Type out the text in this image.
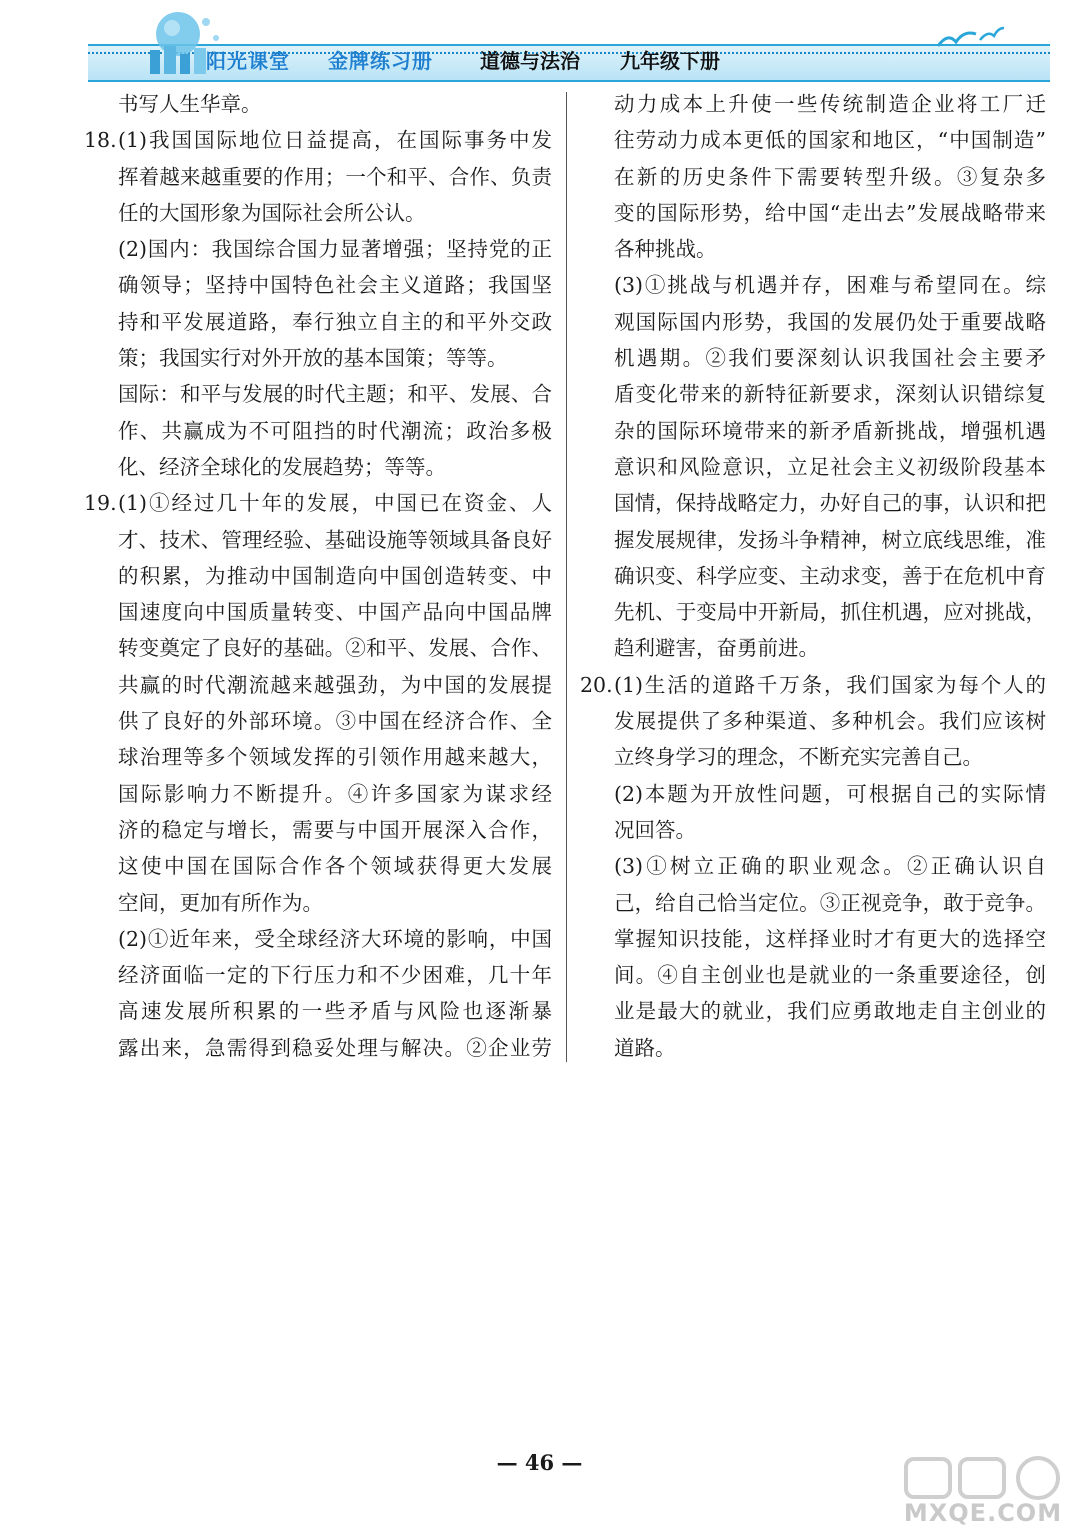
阳光课堂 金牌练习册 道德与法治 九年级下册
18.
19.

书写人生华章。

(1)我国国际地位日益提高，在国际事务中发

挥着越来越重要的作用；一个和平、合作、负责

任的大国形象为国际社会所公认。

(2)国内：我国综合国力显著增强；坚持党的正

确领导；坚持中国特色社会主义道路；我国坚

持和平发展道路，奉行独立自主的和平外交政

策；我国实行对外开放的基本国策；等等。

国际：和平与发展的时代主题；和平、发展、合

作、共赢成为不可阻挡的时代潮流；政治多极

化、经济全球化的发展趋势；等等。

(1)①经过几十年的发展，中国已在资金、人

才、技术、管理经验、基础设施等领域具备良好

的积累，为推动中国制造向中国创造转变、中

国速度向中国质量转变、中国产品向中国品牌

转变奠定了良好的基础。②和平、发展、合作、

共赢的时代潮流越来越强劲，为中国的发展提

供了良好的外部环境。③中国在经济合作、全

球治理等多个领域发挥的引领作用越来越大，

国际影响力不断提升。④许多国家为谋求经

济的稳定与增长，需要与中国开展深入合作，

这使中国在国际合作各个领域获得更大发展

空间，更加有所作为。

(2)①近年来，受全球经济大环境的影响，中国

经济面临一定的下行压力和不少困难，几十年

高速发展所积累的一些矛盾与风险也逐渐暴

露出来，急需得到稳妥处理与解决。②企业劳

20.

动力成本上升使一些传统制造企业将工厂迁

往劳动力成本更低的国家和地区，“中国制造”

在新的历史条件下需要转型升级。③复杂多

变的国际形势，给中国“走出去”发展战略带来

各种挑战。

(3)①挑战与机遇并存，困难与希望同在。综

观国际国内形势，我国的发展仍处于重要战略

机遇期。②我们要深刻认识我国社会主要矛

盾变化带来的新特征新要求，深刻认识错综复

杂的国际环境带来的新矛盾新挑战，增强机遇

意识和风险意识，立足社会主义初级阶段基本

国情，保持战略定力，办好自己的事，认识和把

握发展规律，发扬斗争精神，树立底线思维，准

确识变、科学应变、主动求变，善于在危机中育

先机、于变局中开新局，抓住机遇，应对挑战，

趋利避害，奋勇前进。

(1)生活的道路千万条，我们国家为每个人的

发展提供了多种渠道、多种机会。我们应该树

立终身学习的理念，不断充实完善自己。

(2)本题为开放性问题，可根据自己的实际情

况回答。

(3)①树立正确的职业观念。②正确认识自

己，给自己恰当定位。③正视竞争，敢于竞争。

掌握知识技能，这样择业时才有更大的选择空

间。④自主创业也是就业的一条重要途径，创

业是最大的就业，我们应勇敢地走自主创业的

道路。

— 46 —
MXQE.COM
